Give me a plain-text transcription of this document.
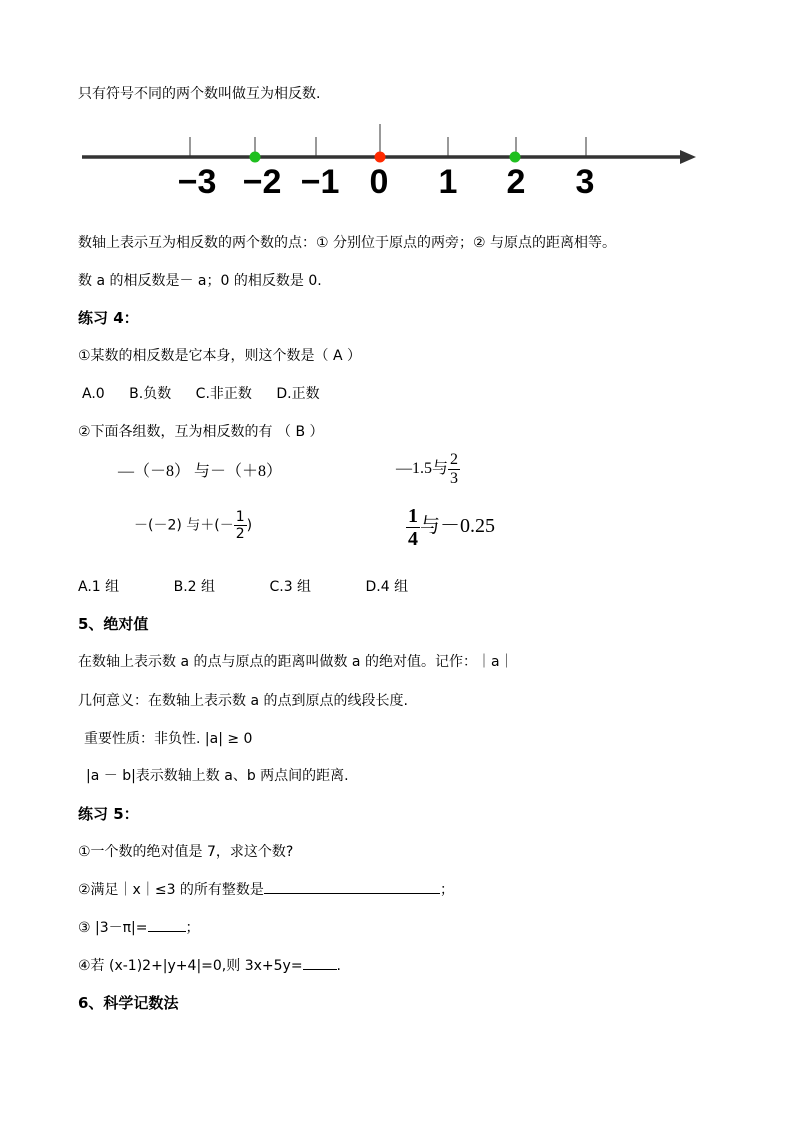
只有符号不同的两个数叫做互为相反数.
−3 −2 −1 0 1 2 3
数轴上表示互为相反数的两个数的点：① 分别位于原点的两旁；② 与原点的距离相等。
数 a 的相反数是－ a；0 的相反数是 0.
练习 4：
①某数的相反数是它本身，则这个数是（ A ）
A.0 B.负数 C.非正数 D.正数
②下面各组数，互为相反数的有 （ B ）
—（－8） 与－（＋8）	—1.5与 $\frac{2}{3}$
－(－2) 与＋(－ $\frac{1}{2}$ )	$\frac{1}{4}$ 与－0.25
A.1 组	B.2 组	C.3 组	D.4 组
5、绝对值
在数轴上表示数 a 的点与原点的距离叫做数 a 的绝对值。记作：｜a｜
几何意义：在数轴上表示数 a 的点到原点的线段长度.
重要性质：非负性. |a| ≥ 0
|a － b|表示数轴上数 a、b 两点间的距离.
练习 5：
①一个数的绝对值是 7，求这个数?
②满足｜x｜≤3 的所有整数是	；
③ |3－π|=	；
④若 (x-1)2+|y+4|=0,则 3x+5y= .
6、科学记数法
